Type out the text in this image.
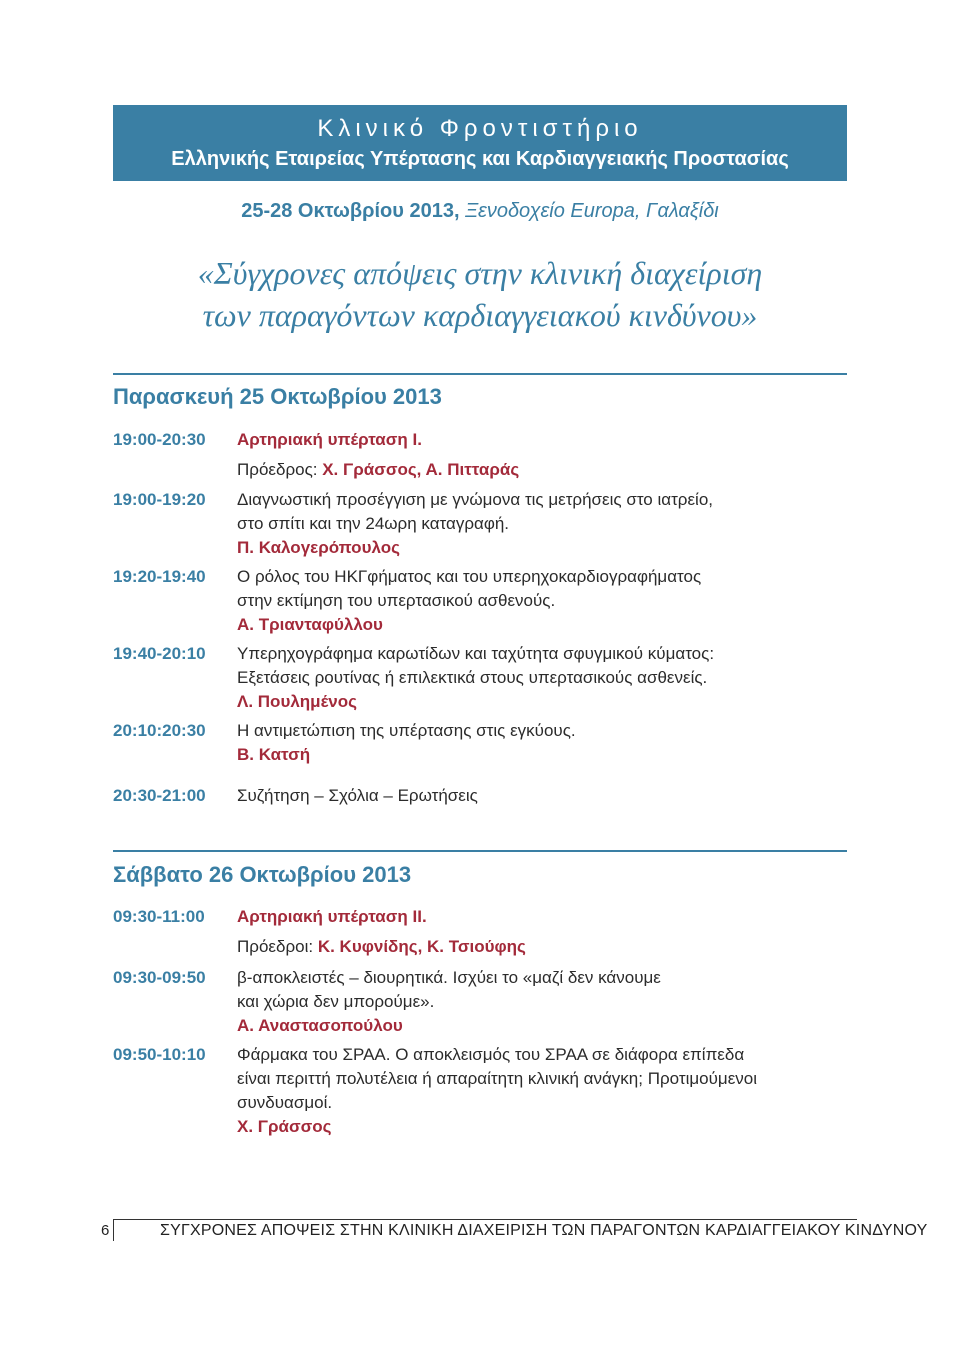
Κλινικό Φροντιστήριο
Ελληνικής Εταιρείας Υπέρτασης και Καρδιαγγειακής Προστασίας
25-28 Οκτωβρίου 2013, Ξενοδοχείο Europa, Γαλαξίδι
«Σύγχρονες απόψεις στην κλινική διαχείριση
των παραγόντων καρδιαγγειακού κινδύνου»
Παρασκευή 25 Οκτωβρίου 2013
19:00-20:30	Αρτηριακή υπέρταση Ι.
Πρόεδρος: Χ. Γράσσος, Α. Πιτταράς
19:00-19:20	Διαγνωστική προσέγγιση με γνώμονα τις μετρήσεις στο ιατρείο,
στο σπίτι και την 24ωρη καταγραφή.
Π. Καλογερόπουλος
19:20-19:40	Ο ρόλος του ΗΚΓφήματος και του υπερηχοκαρδιογραφήματος
στην εκτίμηση του υπερτασικού ασθενούς.
Α. Τριανταφύλλου
19:40-20:10	Υπερηχογράφημα καρωτίδων και ταχύτητα σφυγμικού κύματος:
Εξετάσεις ρουτίνας ή επιλεκτικά στους υπερτασικούς ασθενείς.
Λ. Πουλημένος
20:10:20:30	Η αντιμετώπιση της υπέρτασης στις εγκύους.
Β. Κατσή
20:30-21:00	Συζήτηση – Σχόλια – Ερωτήσεις
Σάββατο 26 Οκτωβρίου 2013
09:30-11:00	Αρτηριακή υπέρταση ΙΙ.
Πρόεδροι: Κ. Κυφνίδης, Κ. Τσιούφης
09:30-09:50	β-αποκλειστές – διουρητικά. Ισχύει το «μαζί δεν κάνουμε
και χώρια δεν μπορούμε».
Α. Αναστασοπούλου
09:50-10:10	Φάρμακα του ΣΡΑΑ. Ο αποκλεισμός του ΣΡΑΑ σε διάφορα επίπεδα
είναι περιττή πολυτέλεια ή απαραίτητη κλινική ανάγκη; Προτιμούμενοι
συνδυασμοί.
Χ. Γράσσος
6	ΣΥΓΧΡΟΝΕΣ ΑΠΟΨΕΙΣ ΣΤΗΝ ΚΛΙΝΙΚΗ ΔΙΑΧΕΙΡΙΣΗ ΤΩΝ ΠΑΡΑΓΟΝΤΩΝ ΚΑΡΔΙΑΓΓΕΙΑΚΟΥ ΚΙΝΔΥΝΟΥ
